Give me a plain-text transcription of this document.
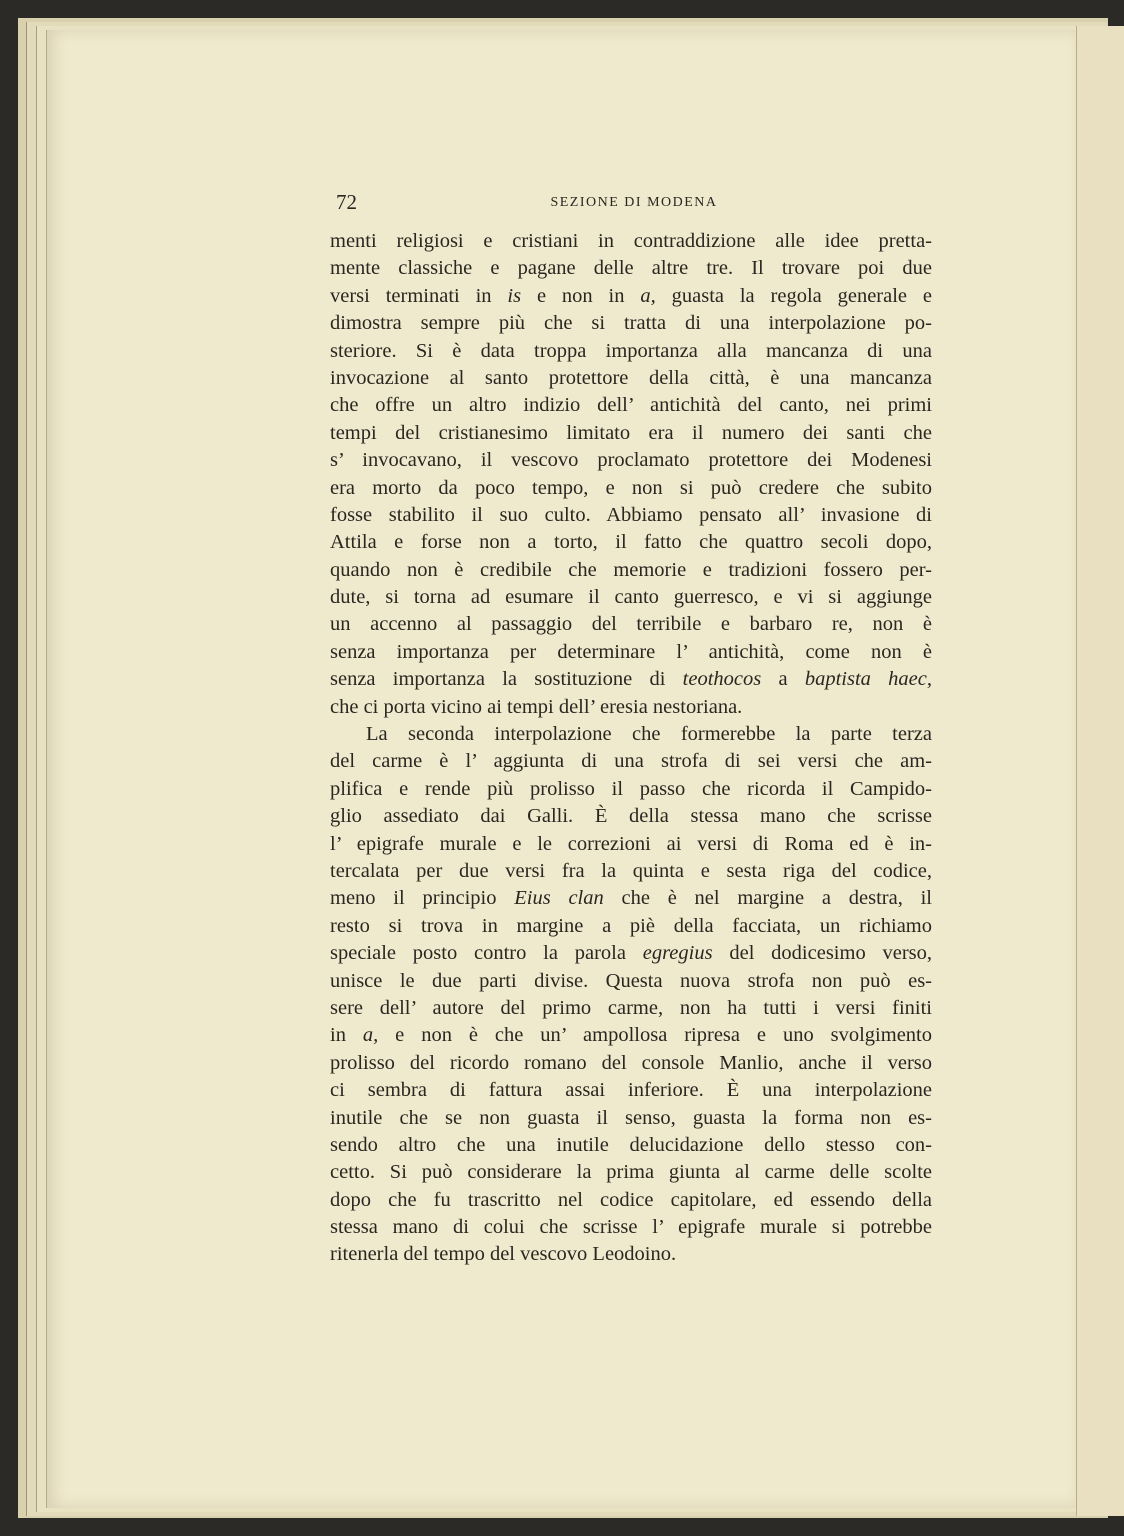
72	SEZIONE DI MODENA
menti religiosi e cristiani in contraddizione alle idee pretta-
mente classiche e pagane delle altre tre. Il trovare poi due
versi terminati in is e non in a, guasta la regola generale e
dimostra sempre più che si tratta di una interpolazione po-
steriore. Si è data troppa importanza alla mancanza di una
invocazione al santo protettore della città, è una mancanza
che offre un altro indizio dell’ antichità del canto, nei primi
tempi del cristianesimo limitato era il numero dei santi che
s’ invocavano, il vescovo proclamato protettore dei Modenesi
era morto da poco tempo, e non si può credere che subito
fosse stabilito il suo culto. Abbiamo pensato all’ invasione di
Attila e forse non a torto, il fatto che quattro secoli dopo,
quando non è credibile che memorie e tradizioni fossero per-
dute, si torna ad esumare il canto guerresco, e vi si aggiunge
un accenno al passaggio del terribile e barbaro re, non è
senza importanza per determinare l’ antichità, come non è
senza importanza la sostituzione di teothocos a baptista haec,
che ci porta vicino ai tempi dell’ eresia nestoriana.
La seconda interpolazione che formerebbe la parte terza
del carme è l’ aggiunta di una strofa di sei versi che am-
plifica e rende più prolisso il passo che ricorda il Campido-
glio assediato dai Galli. È della stessa mano che scrisse
l’ epigrafe murale e le correzioni ai versi di Roma ed è in-
tercalata per due versi fra la quinta e sesta riga del codice,
meno il principio Eius clan che è nel margine a destra, il
resto si trova in margine a piè della facciata, un richiamo
speciale posto contro la parola egregius del dodicesimo verso,
unisce le due parti divise. Questa nuova strofa non può es-
sere dell’ autore del primo carme, non ha tutti i versi finiti
in a, e non è che un’ ampollosa ripresa e uno svolgimento
prolisso del ricordo romano del console Manlio, anche il verso
ci sembra di fattura assai inferiore. È una interpolazione
inutile che se non guasta il senso, guasta la forma non es-
sendo altro che una inutile delucidazione dello stesso con-
cetto. Si può considerare la prima giunta al carme delle scolte
dopo che fu trascritto nel codice capitolare, ed essendo della
stessa mano di colui che scrisse l’ epigrafe murale si potrebbe
ritenerla del tempo del vescovo Leodoino.
